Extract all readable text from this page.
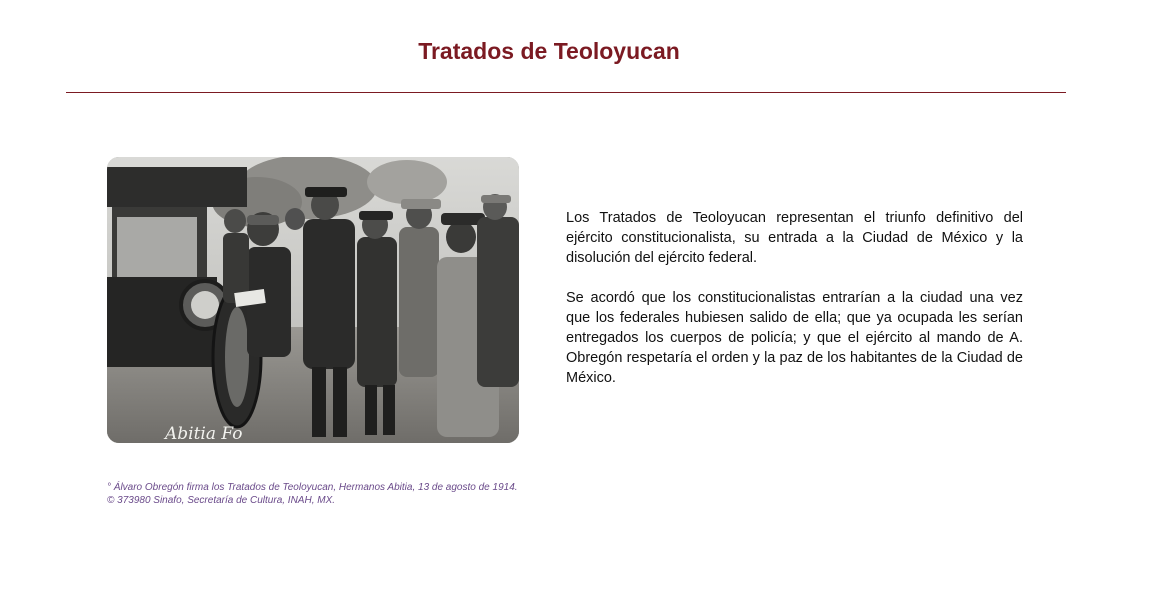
Tratados de Teoloyucan
Abitia Fo

° Álvaro Obregón firma los Tratados de Teoloyucan, Hermanos Abitia, 13 de agosto de 1914. © 373980 Sinafo, Secretaría de Cultura, INAH, MX.

Los Tratados de Teoloyucan representan el triunfo definitivo del ejército constitucionalista, su entrada a la Ciudad de México y la disolución del ejército federal.

Se acordó que los constitucionalistas entrarían a la ciudad una vez que los federales hubiesen salido de ella; que ya ocupada les serían entregados los cuerpos de policía; y que el ejército al mando de A. Obregón respetaría el orden y la paz de los habitantes de la Ciudad de México.
